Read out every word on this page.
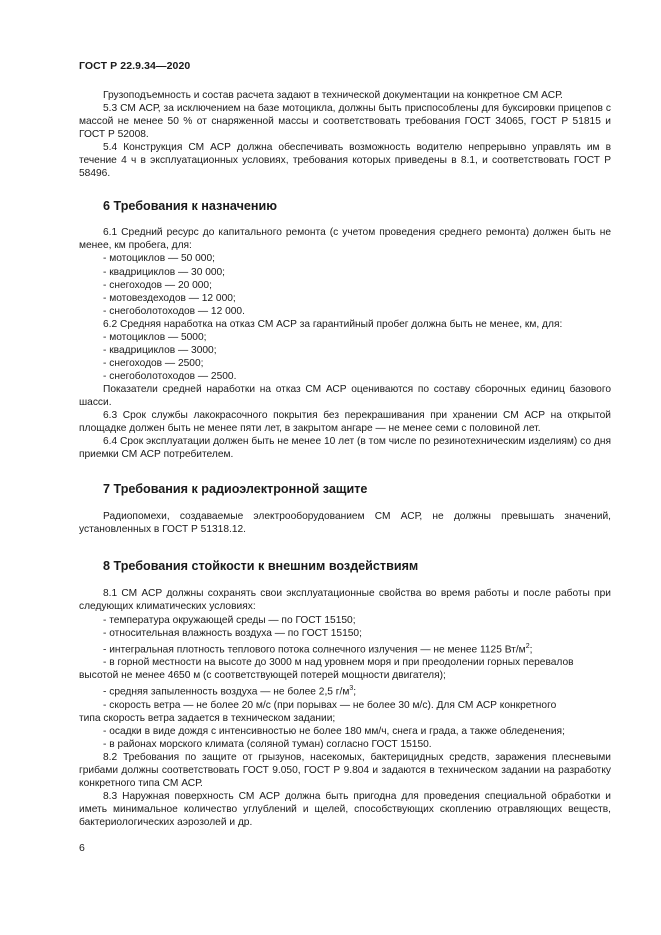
ГОСТ Р 22.9.34—2020

Грузоподъемность и состав расчета задают в технической документации на конкретное СМ АСР.

5.3 СМ АСР, за исключением на базе мотоцикла, должны быть приспособлены для буксировки прицепов с массой не менее 50 % от снаряженной массы и соответствовать требования ГОСТ 34065, ГОСТ Р 51815 и ГОСТ Р 52008.

5.4 Конструкция СМ АСР должна обеспечивать возможность водителю непрерывно управлять им в течение 4 ч в эксплуатационных условиях, требования которых приведены в 8.1, и соответствовать ГОСТ Р 58496.

6 Требования к назначению

6.1 Средний ресурс до капитального ремонта (с учетом проведения среднего ремонта) должен быть не менее, км пробега, для:

- мотоциклов — 50 000;

- квадрициклов — 30 000;

- снегоходов — 20 000;

- мотовездеходов — 12 000;

- снегоболотоходов — 12 000.

6.2 Средняя наработка на отказ СМ АСР за гарантийный пробег должна быть не менее, км, для:

- мотоциклов — 5000;

- квадрициклов — 3000;

- снегоходов — 2500;

- снегоболотоходов — 2500.

Показатели средней наработки на отказ СМ АСР оцениваются по составу сборочных единиц базового шасси.

6.3 Срок службы лакокрасочного покрытия без перекрашивания при хранении СМ АСР на открытой площадке должен быть не менее пяти лет, в закрытом ангаре — не менее семи с половиной лет.

6.4 Срок эксплуатации должен быть не менее 10 лет (в том числе по резинотехническим изделиям) со дня приемки СМ АСР потребителем.

7 Требования к радиоэлектронной защите

Радиопомехи, создаваемые электрооборудованием СМ АСР, не должны превышать значений, установленных в ГОСТ Р 51318.12.

8 Требования стойкости к внешним воздействиям

8.1 СМ АСР должны сохранять свои эксплуатационные свойства во время работы и после работы при следующих климатических условиях:

- температура окружающей среды — по ГОСТ 15150;

- относительная влажность воздуха — по ГОСТ 15150;

- интегральная плотность теплового потока солнечного излучения — не менее 1125 $Вт/м^2$;

- в горной местности на высоте до 3000 м над уровнем моря и при преодолении горных перевалов

высотой не менее 4650 м (с соответствующей потерей мощности двигателя);

- средняя запыленность воздуха — не более 2,5 $г/м^3$;

- скорость ветра — не более 20 м/с (при порывах — не более 30 м/с). Для СМ АСР конкретного

типа скорость ветра задается в техническом задании;

- осадки в виде дождя с интенсивностью не более 180 мм/ч, снега и града, а также обледенения;

- в районах морского климата (соляной туман) согласно ГОСТ 15150.

8.2 Требования по защите от грызунов, насекомых, бактерицидных средств, заражения плесневыми грибами должны соответствовать ГОСТ 9.050, ГОСТ Р 9.804 и задаются в техническом задании на разработку конкретного типа СМ АСР.

8.3 Наружная поверхность СМ АСР должна быть пригодна для проведения специальной обработки и иметь минимальное количество углублений и щелей, способствующих скоплению отравляющих веществ, бактериологических аэрозолей и др.

6
